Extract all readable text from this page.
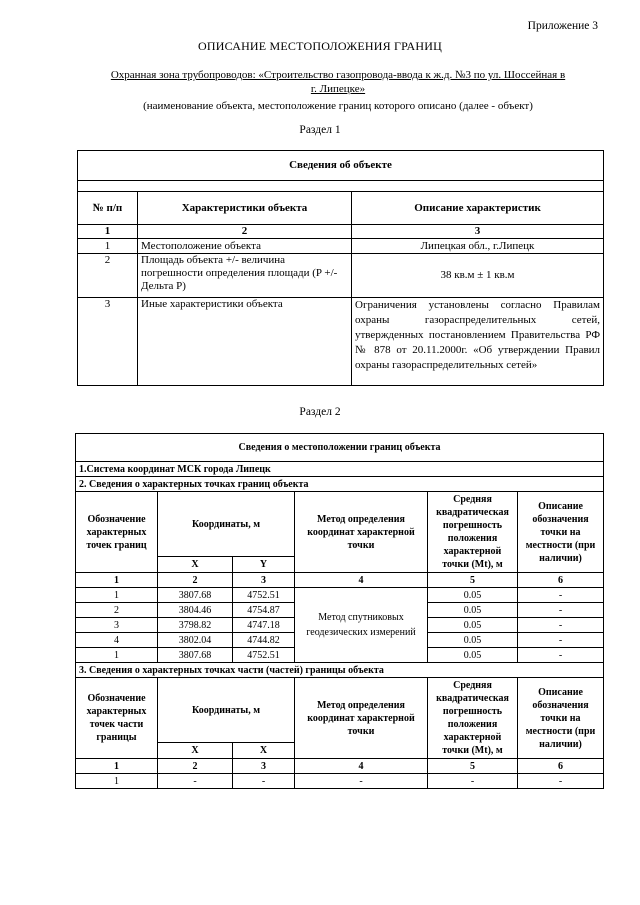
Приложение 3
ОПИСАНИЕ МЕСТОПОЛОЖЕНИЯ ГРАНИЦ
Охранная зона трубопроводов: «Строительство газопровода-ввода к ж.д. №3 по ул. Шоссейная в
г. Липецке»
(наименование объекта, местоположение границ которого описано (далее - объект)
Раздел 1
Сведения об объекте		

№ п/п	Характеристики объекта	Описание характеристик
1	2	3
1	Местоположение объекта	Липецкая обл., г.Липецк
2	Площадь объекта +/- величина погрешности определения площади (P +/- Дельта P)	38 кв.м ± 1 кв.м
3	Иные характеристики объекта	Ограничения установлены согласно Правилам охраны газораспределительных сетей, утвержденных постановлением Правительства РФ № 878 от 20.11.2000г. «Об утверждении Правил охраны газораспределительных сетей»
Раздел 2
Сведения о местоположении границ объекта					
1.Система координат МСК города Липецк					
2. Сведения о характерных точках границ объекта					
Обозначение характерных точек границ	Координаты, м		Метод определения координат характерной точки	Средняя квадратическая погрешность положения характерной точки (Mt), м	Описание обозначения точки на местности (при наличии)
	X	Y			
1	2	3	4	5	6
1	3807.68	4752.51	Метод спутниковых геодезических измерений	0.05	-
2	3804.46	4754.87		0.05	-
3	3798.82	4747.18		0.05	-
4	3802.04	4744.82		0.05	-
1	3807.68	4752.51		0.05	-
3. Сведения о характерных точках части (частей) границы объекта					
Обозначение характерных точек части границы	Координаты, м		Метод определения координат характерной точки	Средняя квадратическая погрешность положения характерной точки (Mt), м	Описание обозначения точки на местности (при наличии)
	X	X			
1	2	3	4	5	6
1	-	-	-	-	-
